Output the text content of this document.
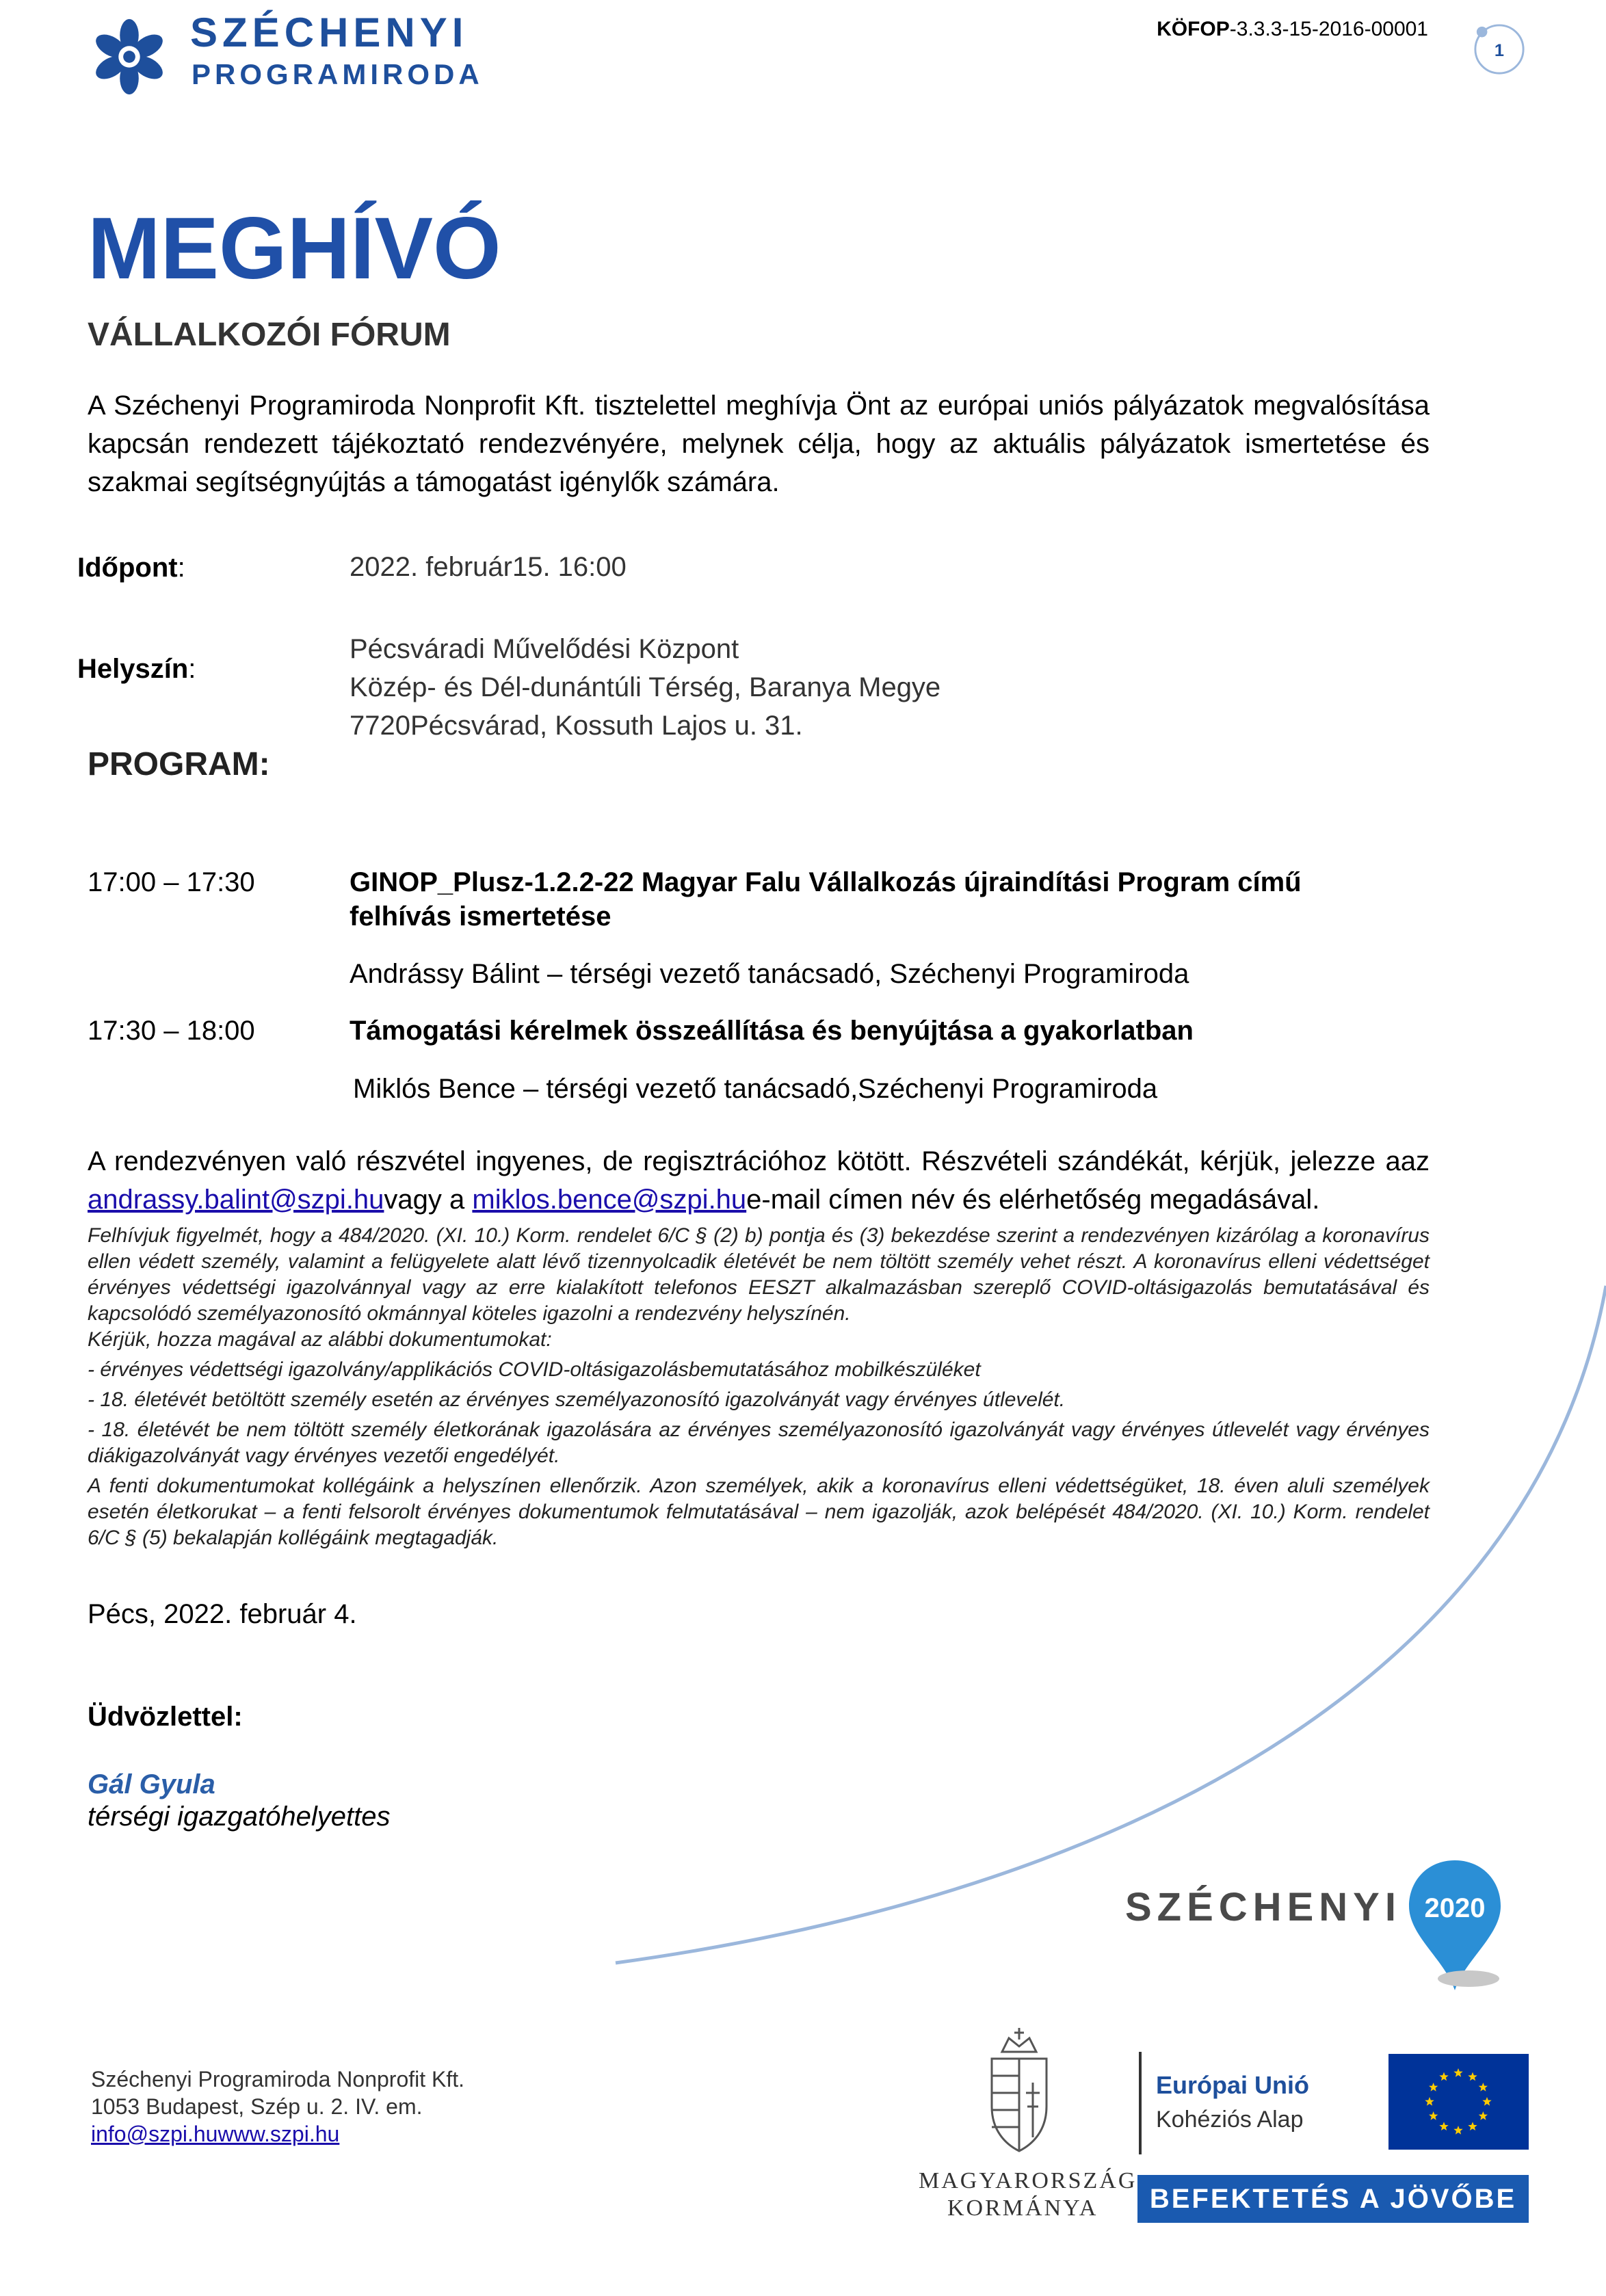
SZÉCHENYI
PROGRAMIRODA
KÖFOP-3.3.3-15-2016-00001
1
MEGHÍVÓ
VÁLLALKOZÓI FÓRUM
A Széchenyi Programiroda Nonprofit Kft. tisztelettel meghívja Önt az európai uniós pályázatok megvalósítása kapcsán rendezett tájékoztató rendezvényére, melynek célja, hogy az aktuális pályázatok ismertetése és szakmai segítségnyújtás a támogatást igénylők számára.
Időpont:	2022. február15. 16:00
Helyszín:
Pécsváradi Művelődési Központ
Közép- és Dél-dunántúli Térség, Baranya Megye
7720Pécsvárad, Kossuth Lajos u. 31.
PROGRAM:
17:00 – 17:30	GINOP_Plusz-1.2.2-22 Magyar Falu Vállalkozás újraindítási Program című
felhívás ismertetése
Andrássy Bálint – térségi vezető tanácsadó, Széchenyi Programiroda
17:30 – 18:00	Támogatási kérelmek összeállítása és benyújtása a gyakorlatban
Miklós Bence – térségi vezető tanácsadó,Széchenyi Programiroda
A rendezvényen való részvétel ingyenes, de regisztrációhoz kötött. Részvételi szándékát, kérjük, jelezze aaz andrassy.balint@szpi.huvagy a miklos.bence@szpi.hue-mail címen név és elérhetőség megadásával.
Felhívjuk figyelmét, hogy a 484/2020. (XI. 10.) Korm. rendelet 6/C § (2) b) pontja és (3) bekezdése szerint a rendezvényen kizárólag a koronavírus ellen védett személy, valamint a felügyelete alatt lévő tizennyolcadik életévét be nem töltött személy vehet részt. A koronavírus elleni védettséget érvényes védettségi igazolvánnyal vagy az erre kialakított telefonos EESZT alkalmazásban szereplő COVID-oltásigazolás bemutatásával és kapcsolódó személyazonosító okmánnyal köteles igazolni a rendezvény helyszínén.
Kérjük, hozza magával az alábbi dokumentumokat:
- érvényes védettségi igazolvány/applikációs COVID-oltásigazolásbemutatásához mobilkészüléket
- 18. életévét betöltött személy esetén az érvényes személyazonosító igazolványát vagy érvényes útlevelét.
- 18. életévét be nem töltött személy életkorának igazolására az érvényes személyazonosító igazolványát vagy érvényes útlevelét vagy érvényes diákigazolványát vagy érvényes vezetői engedélyét.
A fenti dokumentumokat kollégáink a helyszínen ellenőrzik. Azon személyek, akik a koronavírus elleni védettségüket, 18. éven aluli személyek esetén életkorukat – a fenti felsorolt érvényes dokumentumok felmutatásával – nem igazolják, azok belépését 484/2020. (XI. 10.) Korm. rendelet 6/C § (5) bekalapján kollégáink megtagadják.
Pécs, 2022. február 4.
Üdvözlettel:
Gál Gyula
térségi igazgatóhelyettes
SZÉCHENYI 2020
Széchenyi Programiroda Nonprofit Kft.
1053 Budapest, Szép u. 2. IV. em.
info@szpi.huwww.szpi.hu
MAGYARORSZÁG
KORMÁNYA
Európai Unió
Kohéziós Alap
BEFEKTETÉS A JÖVŐBE
